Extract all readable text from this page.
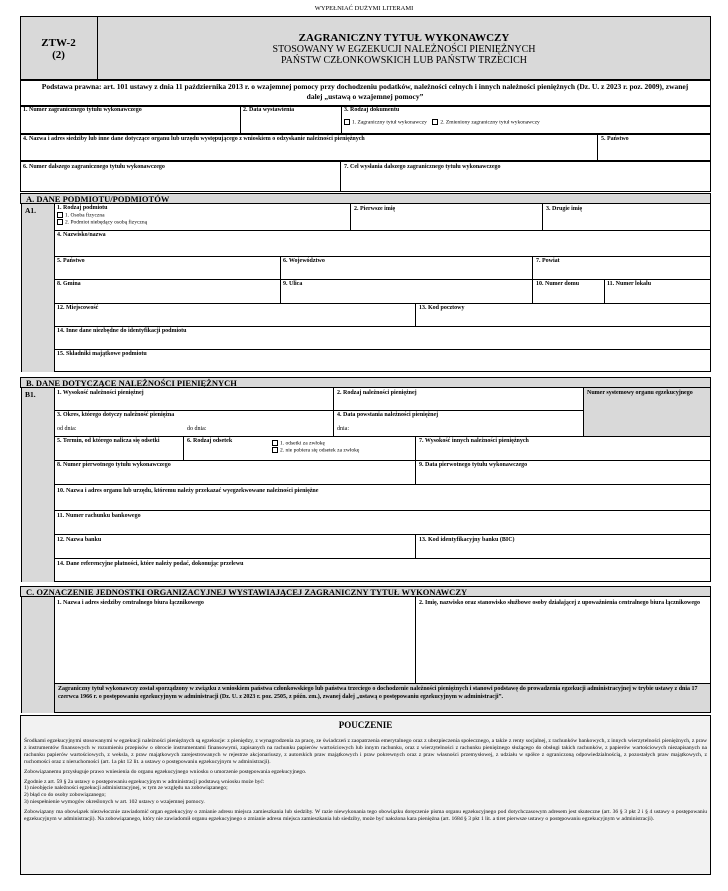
WYPEŁNIAĆ DUŻYMI LITERAMI
ZTW-2
(2)
ZAGRANICZNY TYTUŁ WYKONAWCZY
STOSOWANY W EGZEKUCJI NALEŻNOŚCI PIENIĘŻNYCH
PAŃSTW CZŁONKOWSKICH LUB PAŃSTW TRZECICH
Podstawa prawna: art. 101 ustawy z dnia 11 października 2013 r. o wzajemnej pomocy przy dochodzeniu podatków, należności celnych i innych należności pieniężnych (Dz. U. z 2023 r. poz. 2009), zwanej dalej „ustawą o wzajemnej pomocy”
1. Numer zagranicznego tytułu wykonawczego	2. Data wystawienia	3. Rodzaj dokumentu
1. Zagraniczny tytuł wykonawczy 2. Zmieniony zagraniczny tytuł wykonawczy
4. Nazwa i adres siedziby lub inne dane dotyczące organu lub urzędu występującego z wnioskiem o odzyskanie należności pieniężnych	5. Państwo
6. Numer dalszego zagranicznego tytułu wykonawczego	7. Cel wysłania dalszego zagranicznego tytułu wykonawczego
A. DANE PODMIOTU/PODMIOTÓW
A1.	1. Rodzaj podmiotu
1. Osoba fizyczna
2. Podmiot niebędący osobą fizyczną
2. Pierwsze imię	3. Drugie imię
4. Nazwisko/nazwa
5. Państwo	6. Województwo	7. Powiat
8. Gmina	9. Ulica	10. Numer domu	11. Numer lokalu
12. Miejscowość	13. Kod pocztowy
14. Inne dane niezbędne do identyfikacji podmiotu
15. Składniki majątkowe podmiotu
B. DANE DOTYCZĄCE NALEŻNOŚCI PIENIĘŻNYCH
B1.	1. Wysokość należności pieniężnej	2. Rodzaj należności pieniężnej	Numer systemowy organu egzekucyjnego
3. Okres, którego dotyczy należność pieniężna
od dnia:	do dnia:
4. Data powstania należności pieniężnej
dnia:
5. Termin, od którego nalicza się odsetki	6. Rodzaj odsetek	1. odsetki za zwłokę
2. nie pobiera się odsetek za zwłokę
7. Wysokość innych należności pieniężnych
8. Numer pierwotnego tytułu wykonawczego	9. Data pierwotnego tytułu wykonawczego
10. Nazwa i adres organu lub urzędu, któremu należy przekazać wyegzekwowane należności pieniężne
11. Numer rachunku bankowego
12. Nazwa banku	13. Kod identyfikacyjny banku (BIC)
14. Dane referencyjne płatności, które należy podać, dokonując przelewu
C. OZNACZENIE JEDNOSTKI ORGANIZACYJNEJ WYSTAWIAJĄCEJ ZAGRANICZNY TYTUŁ WYKONAWCZY
1. Nazwa i adres siedziby centralnego biura łącznikowego	2. Imię, nazwisko oraz stanowisko służbowe osoby działającej z upoważnienia centralnego biura łącznikowego
Zagraniczny tytuł wykonawczy został sporządzony w związku z wnioskiem państwa członkowskiego lub państwa trzeciego o dochodzenie należności pieniężnych i stanowi podstawę do prowadzenia egzekucji administracyjnej w trybie ustawy z dnia 17 czerwca 1966 r. o postępowaniu egzekucyjnym w administracji (Dz. U. z 2023 r. poz. 2505, z późn. zm.), zwanej dalej „ustawą o postępowaniu egzekucyjnym w administracji”.
POUCZENIE

Środkami egzekucyjnymi stosowanymi w egzekucji należności pieniężnych są egzekucje: z pieniędzy, z wynagrodzenia za pracę, ze świadczeń z zaopatrzenia emerytalnego oraz z ubezpieczenia społecznego, a także z renty socjalnej, z rachunków bankowych, z innych wierzytelności pieniężnych, z praw z instrumentów finansowych w rozumieniu przepisów o obrocie instrumentami finansowymi, zapisanych na rachunku papierów wartościowych lub innym rachunku, oraz z wierzytelności z rachunku pieniężnego służącego do obsługi takich rachunków, z papierów wartościowych niezapisanych na rachunku papierów wartościowych, z weksla, z praw majątkowych zarejestrowanych w rejestrze akcjonariuszy, z autorskich praw majątkowych i praw pokrewnych oraz z praw własności przemysłowej, z udziału w spółce z ograniczoną odpowiedzialnością, z pozostałych praw majątkowych, z ruchomości oraz z nieruchomości (art. 1a pkt 12 lit. a ustawy o postępowaniu egzekucyjnym w administracji).

Zobowiązanemu przysługuje prawo wniesienia do organu egzekucyjnego wniosku o umorzenie postępowania egzekucyjnego.

Zgodnie z art. 59 § 2a ustawy o postępowaniu egzekucyjnym w administracji podstawą wniosku może być:
1) nieobjęcie należności egzekucji administracyjnej, w tym ze względu na zobowiązanego;
2) błąd co do osoby zobowiązanego;

3) niespełnienie wymogów określonych w art. 102 ustawy o wzajemnej pomocy.

Zobowiązany ma obowiązek niezwłocznie zawiadomić organ egzekucyjny o zmianie adresu miejsca zamieszkania lub siedziby. W razie niewykonania tego obowiązku doręczenie pisma organu egzekucyjnego pod dotychczasowym adresem jest skuteczne (art. 36 § 3 pkt 2 i § 4 ustawy o postępowaniu egzekucyjnym w administracji). Na zobowiązanego, który nie zawiadomił organu egzekucyjnego o zmianie adresu miejsca zamieszkania lub siedziby, może być nałożona kara pieniężna (art. 168d § 3 pkt 1 lit. a tiret pierwsze ustawy o postępowaniu egzekucyjnym w administracji).
